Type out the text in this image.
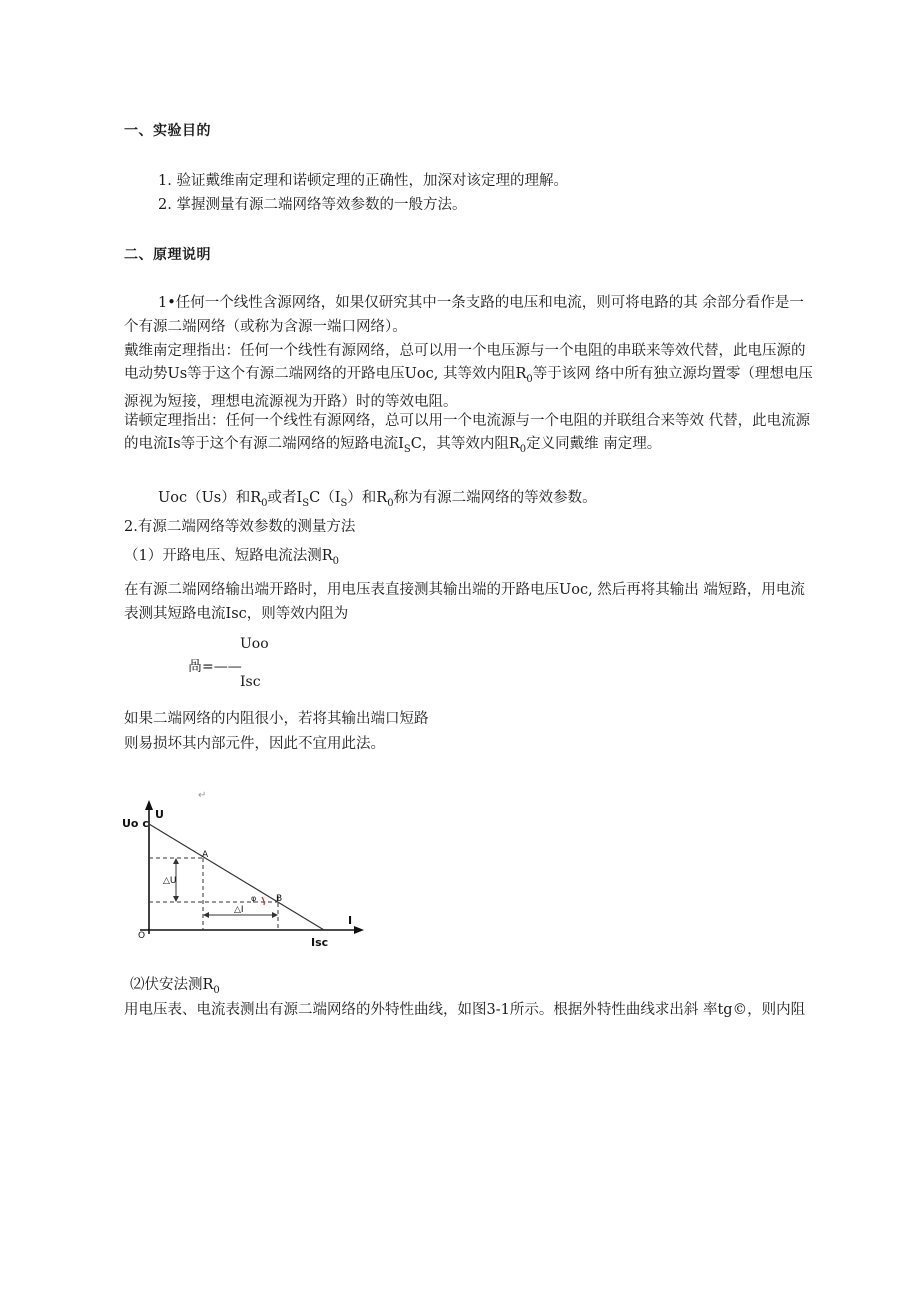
一、实验目的
1. 验证戴维南定理和诺顿定理的正确性，加深对该定理的理解。
2. 掌握测量有源二端网络等效参数的一般方法。
二、原理说明
1•任何一个线性含源网络，如果仅研究其中一条支路的电压和电流，则可将电路的其 余部分看作是一个有源二端网络（或称为含源一端口网络）。

戴维南定理指出：任何一个线性有源网络，总可以用一个电压源与一个电阻的串联来等效代替，此电压源的电动势Us等于这个有源二端网络的开路电压Uoc, 其等效内阻$R_0$等于该网 络中所有独立源均置零（理想电压源视为短接，理想电流源视为开路）时的等效电阻。

诺顿定理指出：任何一个线性有源网络，总可以用一个电流源与一个电阻的并联组合来等效 代替，此电流源的电流Is等于这个有源二端网络的短路电流$I_SC$，其等效内阻$R_0$定义同戴维 南定理。

Uoc（Us）和$R_0$或者$I_SC(I_S)$和$R_0$称为有源二端网络的等效参数。
2.有源二端网络等效参数的测量方法
（1）开路电压、短路电流法测$R_0$
在有源二端网络输出端开路时，用电压表直接测其输出端的开路电压Uoc, 然后再将其输出 端短路，用电流表测其短路电流Isc，则等效内阻为
Uoo
咼=——
Isc
如果二端网络的内阻很小，若将其输出端口短路
则易损坏其内部元件，因此不宜用此法。
↵
U
Uo c
A
B
φ
△U
△I
I
O	Isc
⑵伏安法测$R_0$
用电压表、电流表测出有源二端网络的外特性曲线，如图3-1所示。根据外特性曲线求出斜 率tg©，则内阻
